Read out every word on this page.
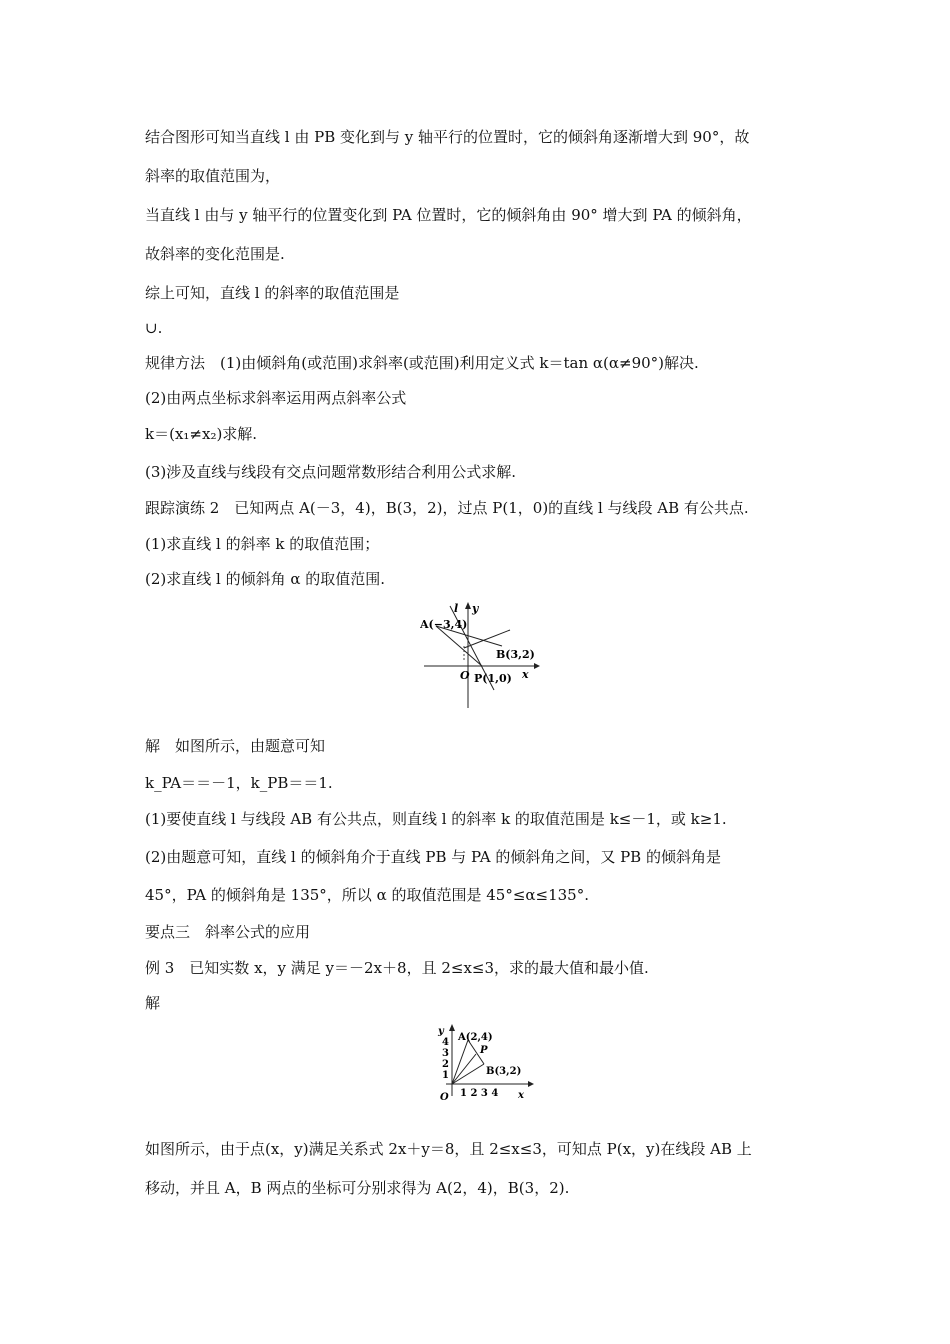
结合图形可知当直线 l 由 PB 变化到与 y 轴平行的位置时，它的倾斜角逐渐增大到 90°，故
斜率的取值范围为，
当直线 l 由与 y 轴平行的位置变化到 PA 位置时，它的倾斜角由 90° 增大到 PA 的倾斜角，
故斜率的变化范围是.
综上可知，直线 l 的斜率的取值范围是
∪.
规律方法　(1)由倾斜角(或范围)求斜率(或范围)利用定义式 k＝tan α(α≠90°)解决.
(2)由两点坐标求斜率运用两点斜率公式
k＝(x₁≠x₂)求解.
(3)涉及直线与线段有交点问题常数形结合利用公式求解.
跟踪演练 2　已知两点 A(－3，4)，B(3，2)，过点 P(1，0)的直线 l 与线段 AB 有公共点.
(1)求直线 l 的斜率 k 的取值范围；
(2)求直线 l 的倾斜角 α 的取值范围.
l y
A(−3,4)
B(3,2)
O P(1,0) x
解　如图所示，由题意可知
k_PA＝＝－1，k_PB＝＝1.
(1)要使直线 l 与线段 AB 有公共点，则直线 l 的斜率 k 的取值范围是 k≤－1，或 k≥1.
(2)由题意可知，直线 l 的倾斜角介于直线 PB 与 PA 的倾斜角之间，又 PB 的倾斜角是
45°，PA 的倾斜角是 135°，所以 α 的取值范围是 45°≤α≤135°.
要点三　斜率公式的应用
例 3　已知实数 x，y 满足 y＝－2x＋8，且 2≤x≤3，求的最大值和最小值.
解
y
4
3
2
1
A(2,4)
P
B(3,2)
O 1 2 3 4 x
如图所示，由于点(x，y)满足关系式 2x＋y＝8，且 2≤x≤3，可知点 P(x，y)在线段 AB 上
移动，并且 A，B 两点的坐标可分别求得为 A(2，4)，B(3，2).
